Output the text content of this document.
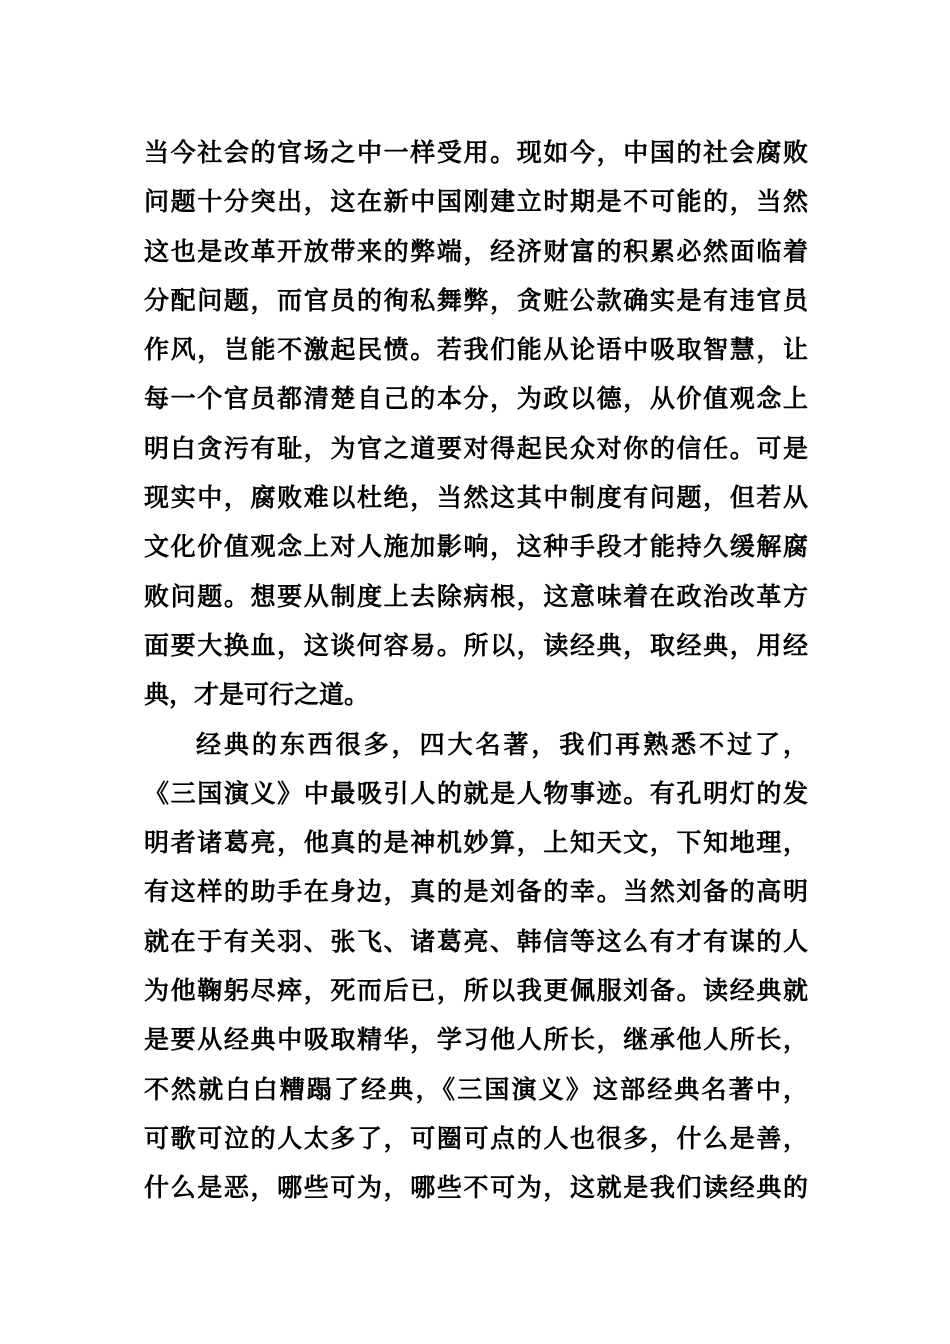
当今社会的官场之中一样受用。现如今，中国的社会腐败
问题十分突出，这在新中国刚建立时期是不可能的，当然
这也是改革开放带来的弊端，经济财富的积累必然面临着
分配问题，而官员的徇私舞弊，贪赃公款确实是有违官员
作风，岂能不激起民愤。若我们能从论语中吸取智慧，让
每一个官员都清楚自己的本分，为政以德，从价值观念上
明白贪污有耻，为官之道要对得起民众对你的信任。可是
现实中，腐败难以杜绝，当然这其中制度有问题，但若从
文化价值观念上对人施加影响，这种手段才能持久缓解腐
败问题。想要从制度上去除病根，这意味着在政治改革方
面要大换血，这谈何容易。所以，读经典，取经典，用经
典，才是可行之道。
经典的东西很多，四大名著，我们再熟悉不过了，
《三国演义》中最吸引人的就是人物事迹。有孔明灯的发
明者诸葛亮，他真的是神机妙算，上知天文，下知地理，
有这样的助手在身边，真的是刘备的幸。当然刘备的高明
就在于有关羽、张飞、诸葛亮、韩信等这么有才有谋的人
为他鞠躬尽瘁，死而后已，所以我更佩服刘备。读经典就
是要从经典中吸取精华，学习他人所长，继承他人所长，
不然就白白糟蹋了经典，《三国演义》这部经典名著中，
可歌可泣的人太多了，可圈可点的人也很多，什么是善，
什么是恶，哪些可为，哪些不可为，这就是我们读经典的
